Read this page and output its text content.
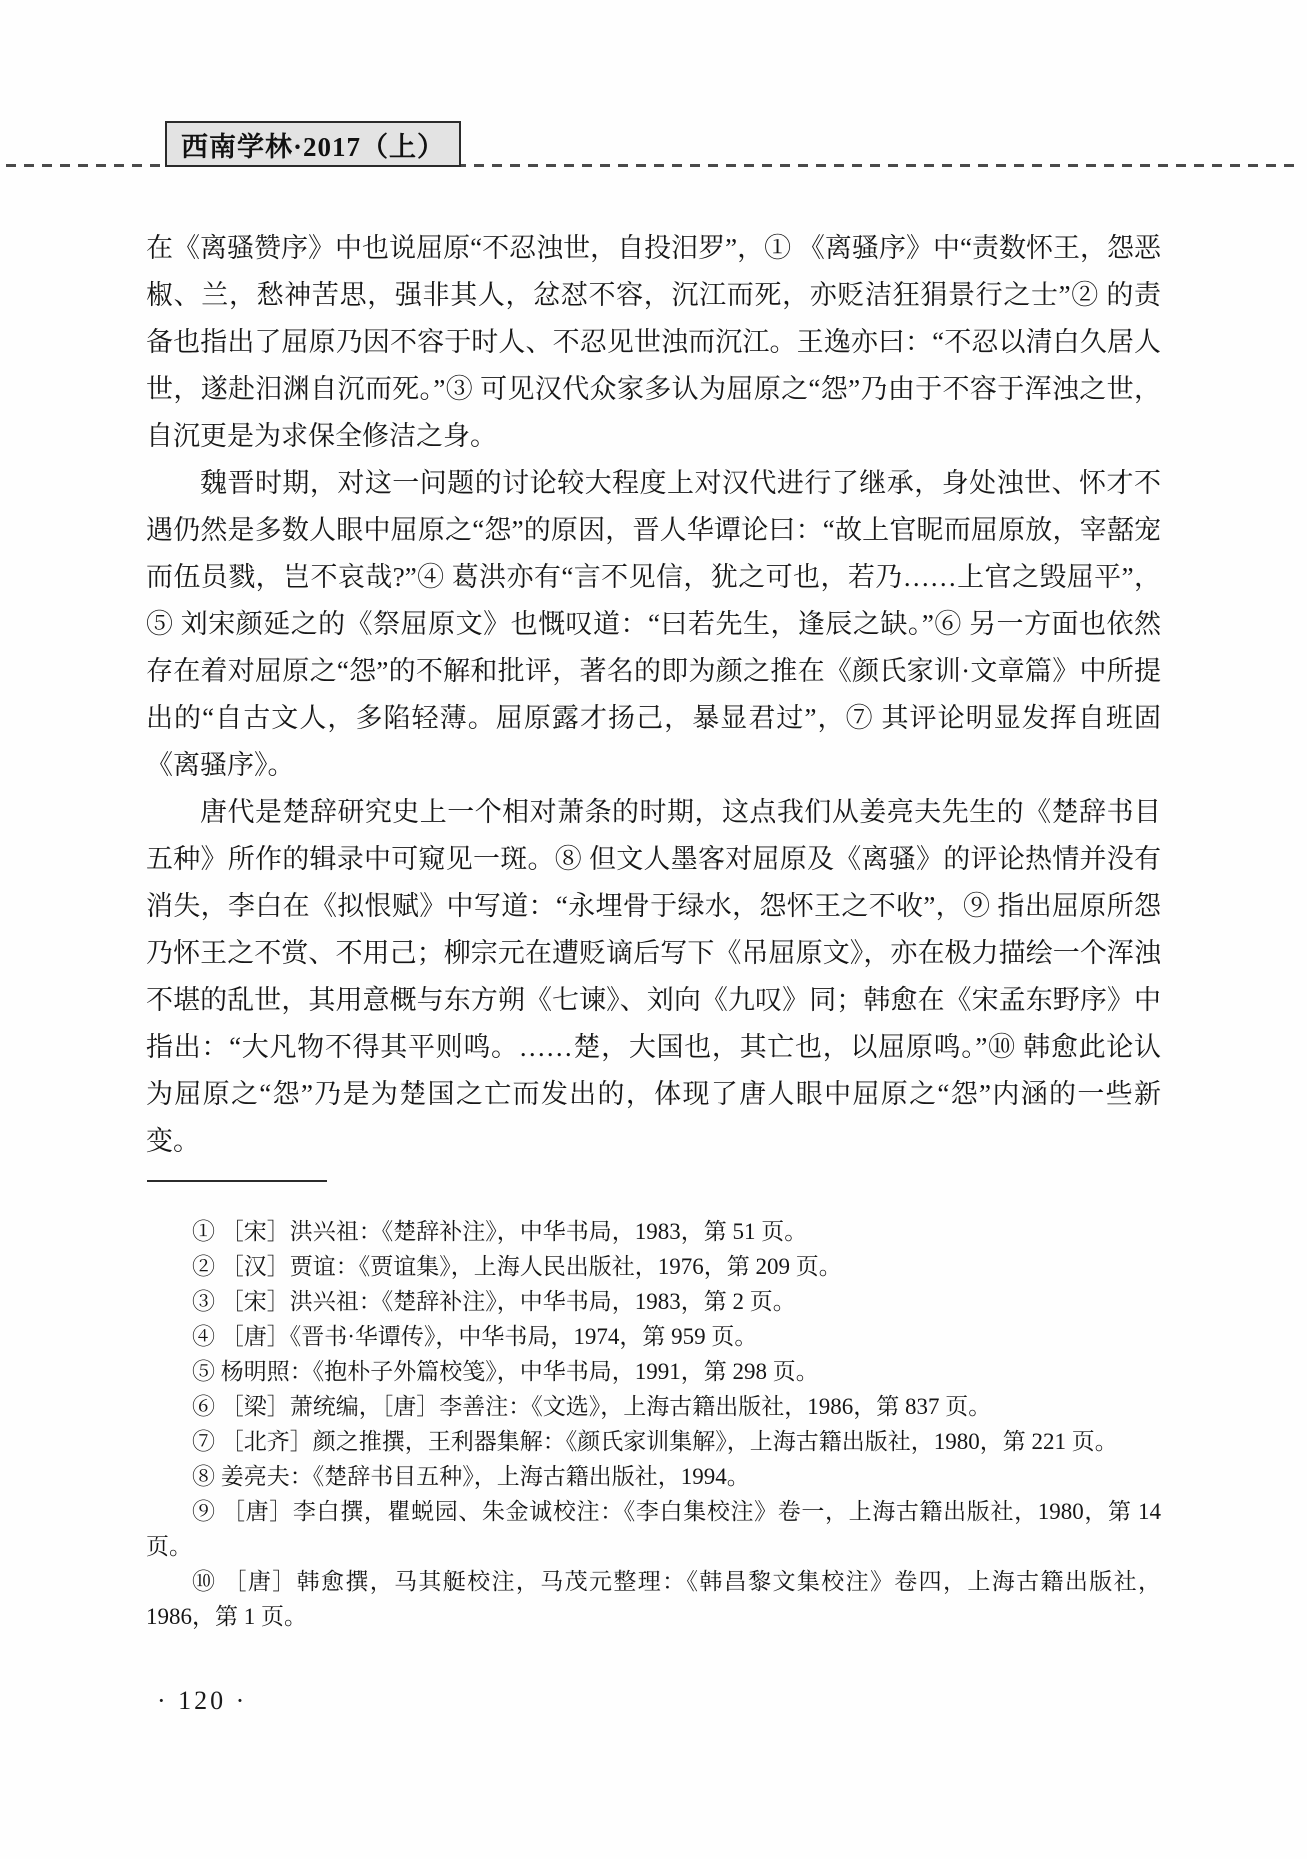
西南学林·2017（上）

在《离骚赞序》中也说屈原“不忍浊世，自投汨罗”，① 《离骚序》中“责数怀王，怨恶椒、兰，愁神苦思，强非其人，忿怼不容，沉江而死，亦贬洁狂狷景行之士”② 的责备也指出了屈原乃因不容于时人、不忍见世浊而沉江。王逸亦曰：“不忍以清白久居人世，遂赴汨渊自沉而死。”③ 可见汉代众家多认为屈原之“怨”乃由于不容于浑浊之世，自沉更是为求保全修洁之身。

魏晋时期，对这一问题的讨论较大程度上对汉代进行了继承，身处浊世、怀才不遇仍然是多数人眼中屈原之“怨”的原因，晋人华谭论曰：“故上官昵而屈原放，宰嚭宠而伍员戮，岂不哀哉?”④ 葛洪亦有“言不见信，犹之可也，若乃……上官之毁屈平”，⑤ 刘宋颜延之的《祭屈原文》也慨叹道：“曰若先生，逢辰之缺。”⑥ 另一方面也依然存在着对屈原之“怨”的不解和批评，著名的即为颜之推在《颜氏家训·文章篇》中所提出的“自古文人，多陷轻薄。屈原露才扬己，暴显君过”，⑦ 其评论明显发挥自班固《离骚序》。

唐代是楚辞研究史上一个相对萧条的时期，这点我们从姜亮夫先生的《楚辞书目五种》所作的辑录中可窥见一斑。⑧ 但文人墨客对屈原及《离骚》的评论热情并没有消失，李白在《拟恨赋》中写道：“永埋骨于绿水，怨怀王之不收”，⑨ 指出屈原所怨乃怀王之不赏、不用己；柳宗元在遭贬谪后写下《吊屈原文》，亦在极力描绘一个浑浊不堪的乱世，其用意概与东方朔《七谏》、刘向《九叹》同；韩愈在《宋孟东野序》中指出：“大凡物不得其平则鸣。……楚，大国也，其亡也，以屈原鸣。”⑩ 韩愈此论认为屈原之“怨”乃是为楚国之亡而发出的，体现了唐人眼中屈原之“怨”内涵的一些新变。

① ［宋］洪兴祖：《楚辞补注》，中华书局，1983，第 51 页。

② ［汉］贾谊：《贾谊集》，上海人民出版社，1976，第 209 页。

③ ［宋］洪兴祖：《楚辞补注》，中华书局，1983，第 2 页。

④ ［唐］《晋书·华谭传》，中华书局，1974，第 959 页。

⑤ 杨明照：《抱朴子外篇校笺》，中华书局，1991，第 298 页。

⑥ ［梁］萧统编，［唐］李善注：《文选》，上海古籍出版社，1986，第 837 页。

⑦ ［北齐］颜之推撰，王利器集解：《颜氏家训集解》，上海古籍出版社，1980，第 221 页。

⑧ 姜亮夫：《楚辞书目五种》，上海古籍出版社，1994。

⑨ ［唐］李白撰，瞿蜕园、朱金诚校注：《李白集校注》卷一，上海古籍出版社，1980，第 14 页。

⑩ ［唐］韩愈撰，马其艇校注，马茂元整理：《韩昌黎文集校注》卷四，上海古籍出版社，1986，第 1 页。

· 120 ·
